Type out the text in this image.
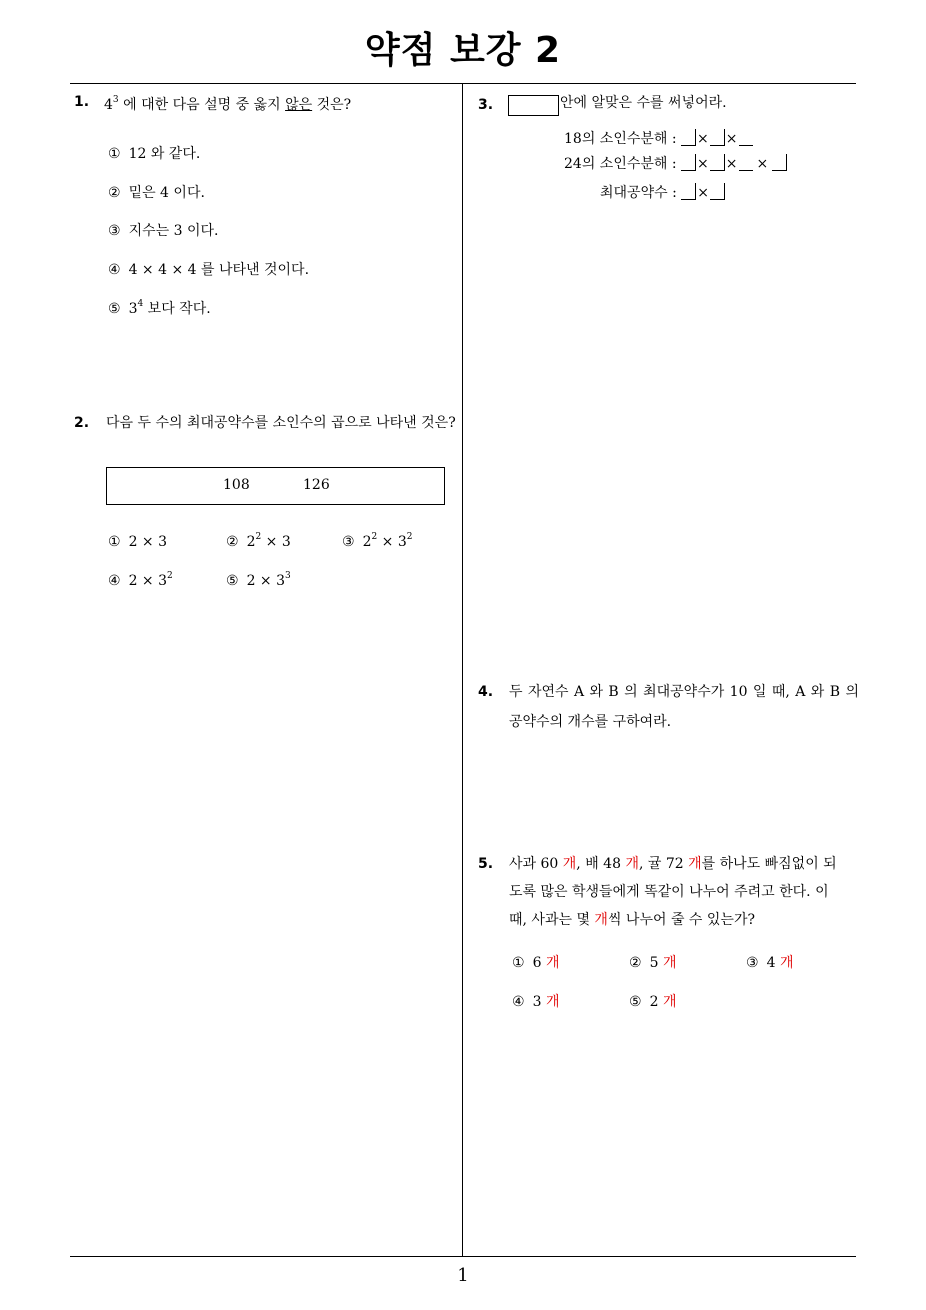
약점 보강 2
1
1. $4^3$ 에 대한 다음 설명 중 옳지 않은 것은?
① 12 와 같다.
② 밑은 4 이다.
③ 지수는 3 이다.
④ 4 × 4 × 4 를 나타낸 것이다.
⑤ $3^4$ 보다 작다.
2. 다음 두 수의 최대공약수를 소인수의 곱으로 나타낸 것은?
108	126
① 2 × 3	② $2^2 \times 3$	③ $2^2 \times 3^2$
④ $2 \times 3^2$	⑤ $2 \times 3^3$
3.	안에 알맞은 수를 써넣어라.
18의 소인수분해 : × ×
24의 소인수분해 : × × ×
최대공약수 : ×
4. 두 자연수 A 와 B 의 최대공약수가 10 일 때, A 와 B 의 공약수의 개수를 구하여라.
5. 사과 60 개, 배 48 개, 귤 72 개를 하나도 빠짐없이 되
도록 많은 학생들에게 똑같이 나누어 주려고 한다. 이
때, 사과는 몇 개씩 나누어 줄 수 있는가?
① 6 개	② 5 개	③ 4 개
④ 3 개	⑤ 2 개
